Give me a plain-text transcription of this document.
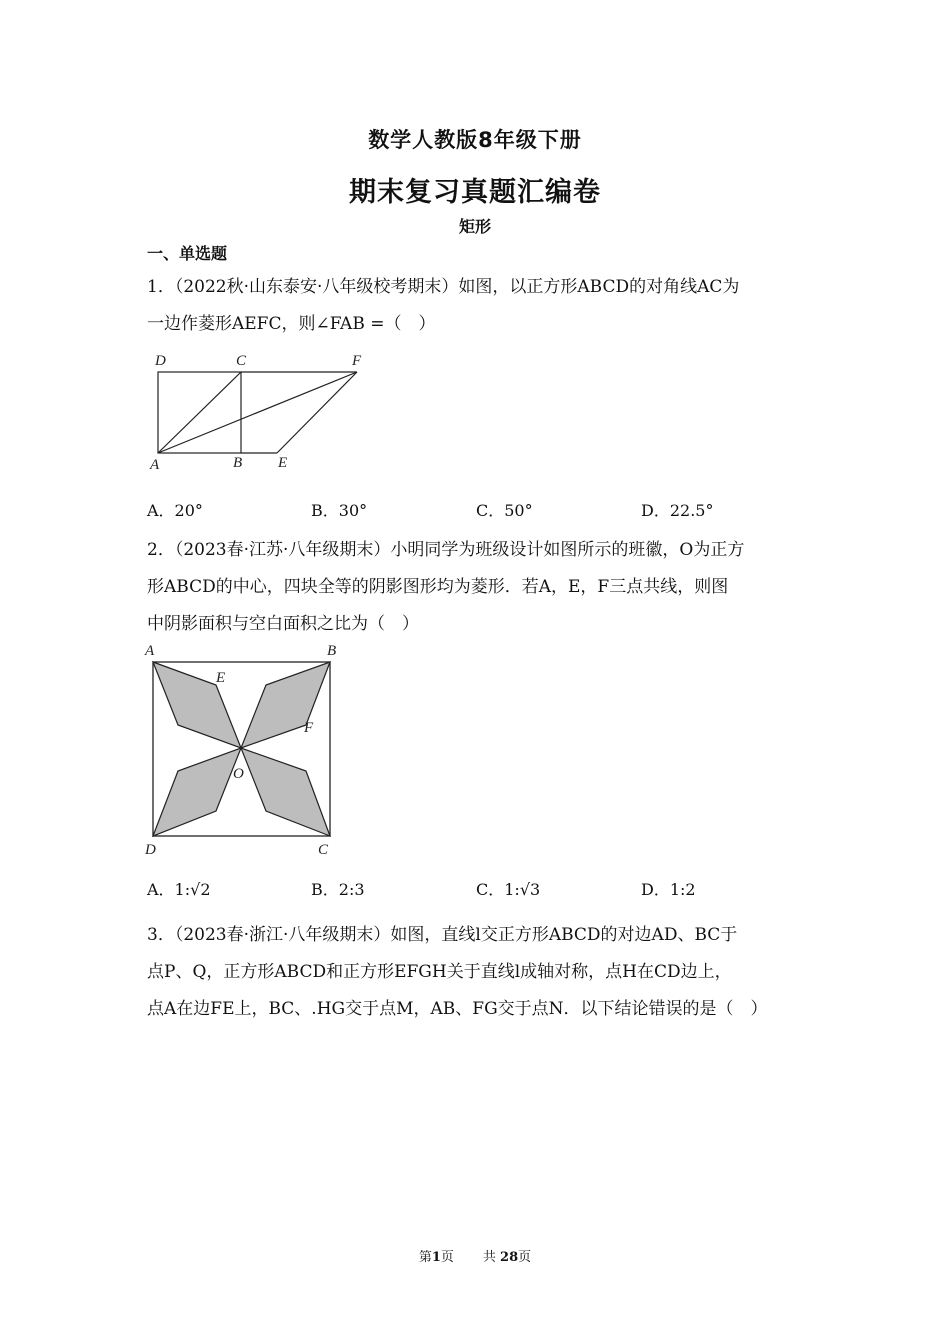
数学人教版8年级下册
期末复习真题汇编卷
矩形
一、单选题
1．（2022秋·山东泰安·八年级校考期末）如图，以正方形ABCD的对角线AC为
一边作菱形AEFC，则∠FAB =（　）
D	C	F
A	B E
A．20°	B．30°	C．50°	D．22.5°
2．（2023春·江苏·八年级期末）小明同学为班级设计如图所示的班徽，O为正方
形ABCD的中心，四块全等的阴影图形均为菱形．若A，E，F三点共线，则图
中阴影面积与空白面积之比为（　）
A	B
E
F
O
D	C
A．1:√2	B．2:3	C．1:√3	D．1:2
3．（2023春·浙江·八年级期末）如图，直线l交正方形ABCD的对边AD、BC于
点P、Q，正方形ABCD和正方形EFGH关于直线l成轴对称，点H在CD边上，
点A在边FE上，BC、.HG交于点M，AB、FG交于点N．以下结论错误的是（　）
第1页 共 28页
